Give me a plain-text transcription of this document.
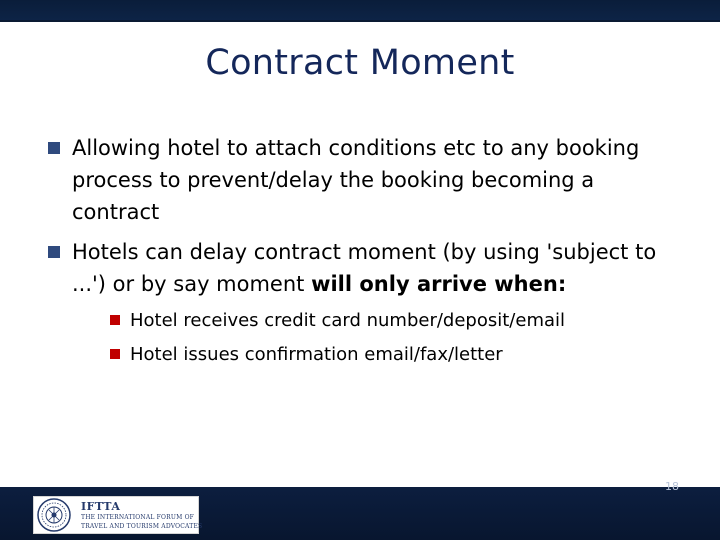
Contract Moment
Allowing hotel to attach conditions etc to any booking process to prevent/delay the booking becoming a contract
Hotels can delay contract moment (by using 'subject to ...') or by say moment will only arrive when:
Hotel receives credit card number/deposit/email
Hotel issues confirmation email/fax/letter
IFTTA
THE INTERNATIONAL FORUM OF
TRAVEL AND TOURISM ADVOCATES
18
